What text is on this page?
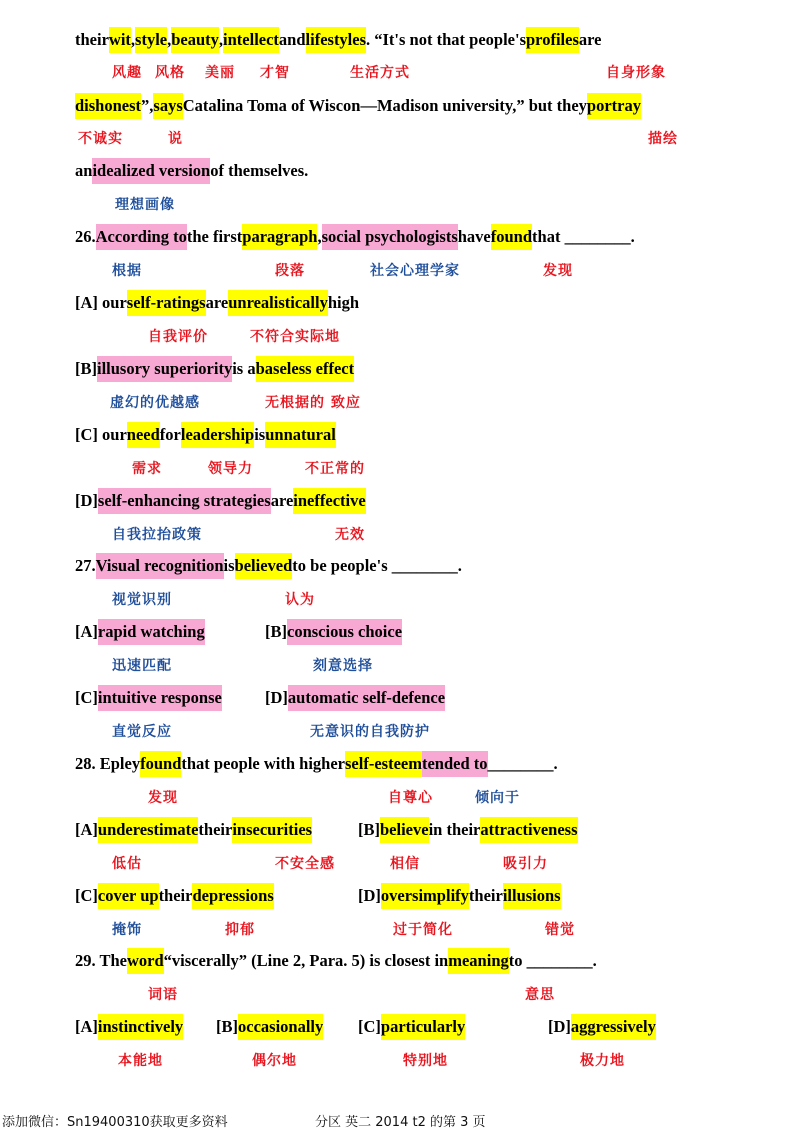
theirwit,style,beauty,intellectandlifestyles. “It's not that people'sprofilesare
风趣 风格 美丽 才智	生活方式	自身形象
dishonest”,saysCatalina Toma of Wiscon—Madison university,” but theyportray
不诚实	说	描绘
anidealized versionof themselves.
理想画像
26.According tothe firstparagraph,social psychologistshavefoundthat ________.
根据	段落	社会心理学家	发现
[A] ourself-ratingsareunrealisticallyhigh
自我评价	不符合实际地
[B]illusory superiorityis abaseless effect
虚幻的优越感	无根据的 致应
[C] ourneedforleadershipisunnatural
需求	领导力	不正常的
[D]self-enhancing strategiesareineffective
自我拉抬政策	无效
27.Visual recognitionisbelievedto be people's ________.
视觉识别	认为
[A]rapid watching	[B]conscious choice
迅速匹配	刻意选择
[C]intuitive response	[D]automatic self-defence
直觉反应	无意识的自我防护
28. Epleyfoundthat people with higherself-esteemtended to________.
发现	自尊心	倾向于
[A]underestimatetheirinsecurities	[B]believein theirattractiveness
低估	不安全感	相信	吸引力
[C]cover uptheirdepressions	[D]oversimplifytheirillusions
掩饰	抑郁	过于简化	错觉
29. Theword“viscerally” (Line 2, Para. 5) is closest inmeaningto ________.
词语	意思
[A]instinctively [B]occasionally [C]particularly	[D]aggressively
本能地	偶尔地	特别地	极力地
添加微信：Sn19400310获取更多资料	分区 英二 2014 t2 的第 3 页
